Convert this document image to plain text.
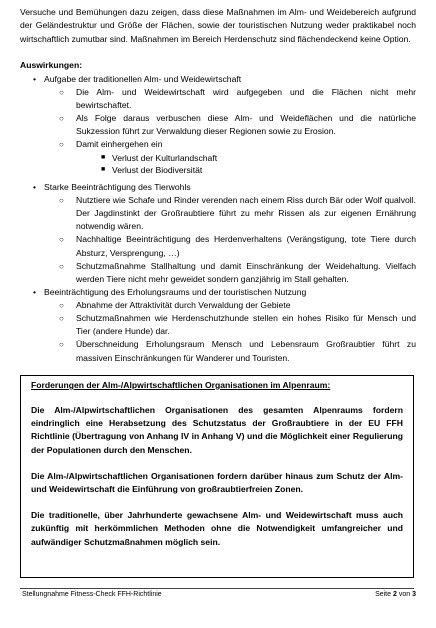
Versuche und Bemühungen dazu zeigen, dass diese Maßnahmen im Alm- und Weidebereich aufgrund der Geländestruktur und Größe der Flächen, sowie der touristischen Nutzung weder praktikabel noch wirtschaftlich zumutbar sind. Maßnahmen im Bereich Herdenschutz sind flächendeckend keine Option.

Auswirkungen:
• Aufgabe der traditionellen Alm- und Weidewirtschaft
○ Die Alm- und Weidewirtschaft wird aufgegeben und die Flächen nicht mehr bewirtschaftet.
○ Als Folge daraus verbuschen diese Alm- und Weideflächen und die natürliche Sukzession führt zur Verwaldung dieser Regionen sowie zu Erosion.
○ Damit einhergehen ein
■ Verlust der Kulturlandschaft
■ Verlust der Biodiversität
• Starke Beeinträchtigung des Tierwohls
○ Nutztiere wie Schafe und Rinder verenden nach einem Riss durch Bär oder Wolf qualvoll. Der Jagdinstinkt der Großraubtiere führt zu mehr Rissen als zur eigenen Ernährung notwendig wären.
○ Nachhaltige Beeinträchtigung des Herdenverhaltens (Verängstigung, tote Tiere durch Absturz, Versprengung, …)
○ Schutzmaßnahme Stallhaltung und damit Einschränkung der Weidehaltung. Vielfach werden Tiere nicht mehr geweidet sondern ganzjährig im Stall gehalten.
• Beeinträchtigung des Erholungsraums und der touristischen Nutzung
○ Abnahme der Attraktivität durch Verwaldung der Gebiete
○ Schutzmaßnahmen wie Herdenschutzhunde stellen ein hohes Risiko für Mensch und Tier (andere Hunde) dar.
○ Überschneidung Erholungsraum Mensch und Lebensraum Großraubtier führt zu massiven Einschränkungen für Wanderer und Touristen.
Forderungen der Alm-/Alpwirtschaftlichen Organisationen im Alpenraum:

Die Alm-/Alpwirtschaftlichen Organisationen des gesamten Alpenraums fordern eindringlich eine Herabsetzung des Schutzstatus der Großraubtiere in der EU FFH Richtlinie (Übertragung von Anhang IV in Anhang V) und die Möglichkeit einer Regulierung der Populationen durch den Menschen.

Die Alm-/Alpwirtschaftlichen Organisationen fordern darüber hinaus zum Schutz der Alm- und Weidewirtschaft die Einführung von großraubtierfreien Zonen.

Die traditionelle, über Jahrhunderte gewachsene Alm- und Weidewirtschaft muss auch zukünftig mit herkömmlichen Methoden ohne die Notwendigkeit umfangreicher und aufwändiger Schutzmaßnahmen möglich sein.

Stellungnahme Fitness-Check FFH-Richtlinie	Seite 2 von 3
